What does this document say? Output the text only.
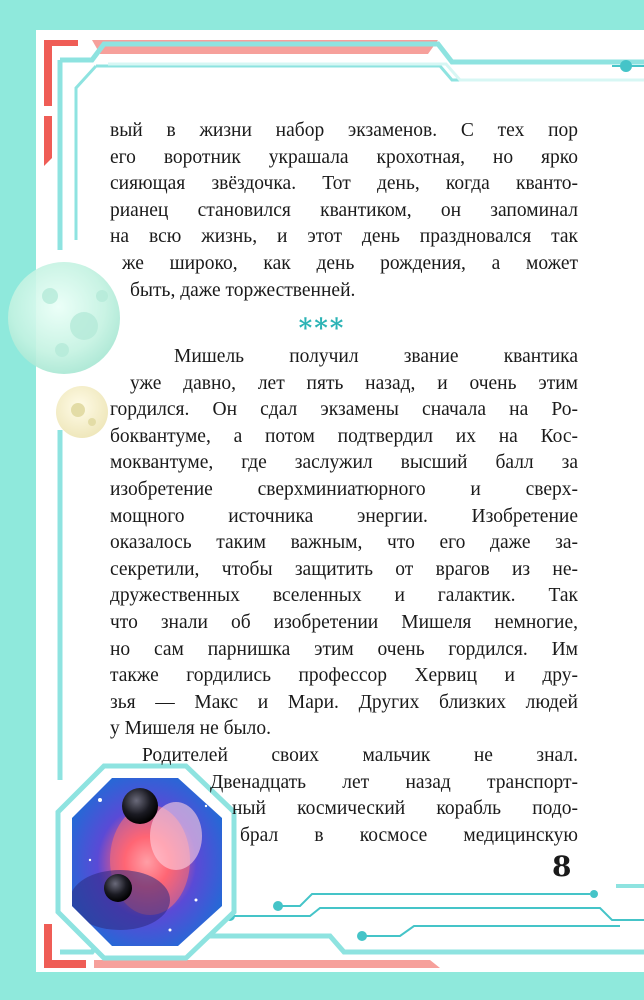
вый в жизни набор экзаменов. С тех пор
его воротник украшала крохотная, но ярко
сияющая звёздочка. Тот день, когда кванто-
рианец становился квантиком, он запоминал
на всю жизнь, и этот день праздновался так
же широко, как день рождения, а может
быть, даже торжественней.

***

Мишель получил звание квантика
уже давно, лет пять назад, и очень этим
гордился. Он сдал экзамены сначала на Ро-
боквантуме, а потом подтвердил их на Кос-
моквантуме, где заслужил высший балл за
изобретение сверхминиатюрного и сверх-
мощного источника энергии. Изобретение
оказалось таким важным, что его даже за-
секретили, чтобы защитить от врагов из не-
дружественных вселенных и галактик. Так
что знали об изобретении Мишеля немногие,
но сам парнишка этим очень гордился. Им
также гордились профессор Хервиц и дру-
зья — Макс и Мари. Других близких людей
у Мишеля не было.

Родителей своих мальчик не знал.
Двенадцать лет назад транспорт-
ный космический корабль подо-
брал в космосе медицинскую

8
